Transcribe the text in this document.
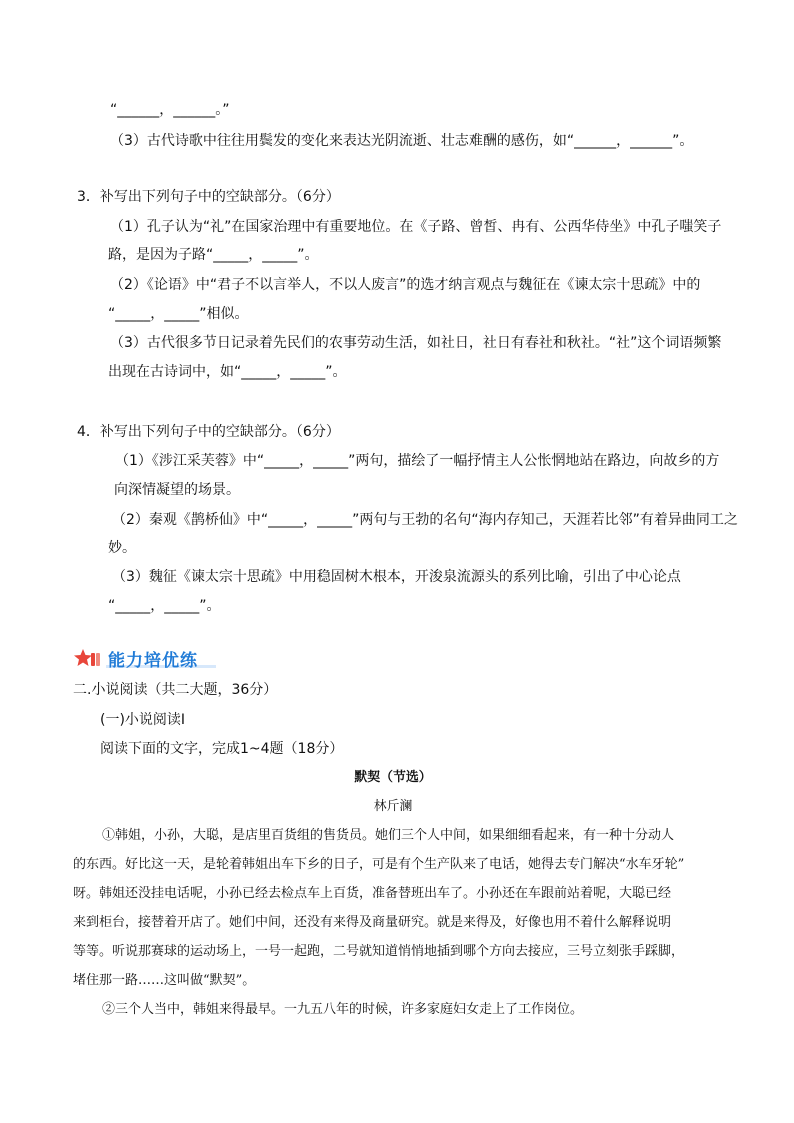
“______，______。”
（3）古代诗歌中往往用鬓发的变化来表达光阴流逝、壮志难酬的感伤，如“______，______”。
3．补写出下列句子中的空缺部分。（6分）
（1）孔子认为“礼”在国家治理中有重要地位。在《子路、曾皙、冉有、公西华侍坐》中孔子嗤笑子
路，是因为子路“_____，_____”。
（2）《论语》中“君子不以言举人，不以人废言”的选才纳言观点与魏征在《谏太宗十思疏》中的
“_____，_____”相似。
（3）古代很多节日记录着先民们的农事劳动生活，如社日，社日有春社和秋社。“社”这个词语频繁
出现在古诗词中，如“_____，_____”。
4．补写出下列句子中的空缺部分。（6分）
（1）《涉江采芙蓉》中“_____，_____”两句，描绘了一幅抒情主人公怅惘地站在路边，向故乡的方
向深情凝望的场景。
（2）秦观《鹊桥仙》中“_____，_____”两句与王勃的名句“海内存知己，天涯若比邻”有着异曲同工之
妙。
（3）魏征《谏太宗十思疏》中用稳固树木根本，开浚泉流源头的系列比喻，引出了中心论点
“_____，_____”。
能力培优练
二.小说阅读（共二大题，36分）
(一)小说阅读Ⅰ
阅读下面的文字，完成1~4题（18分）
默契（节选）
林斤澜
①韩姐，小孙，大聪，是店里百货组的售货员。她们三个人中间，如果细细看起来，有一种十分动人
的东西。好比这一天，是轮着韩姐出车下乡的日子，可是有个生产队来了电话，她得去专门解决“水车牙轮”
呀。韩姐还没挂电话呢，小孙已经去检点车上百货，准备替班出车了。小孙还在车跟前站着呢，大聪已经
来到柜台，接替着开店了。她们中间，还没有来得及商量研究。就是来得及，好像也用不着什么解释说明
等等。听说那赛球的运动场上，一号一起跑，二号就知道悄悄地插到哪个方向去接应，三号立刻张手踩脚，
堵住那一路……这叫做“默契”。
②三个人当中，韩姐来得最早。一九五八年的时候，许多家庭妇女走上了工作岗位。
